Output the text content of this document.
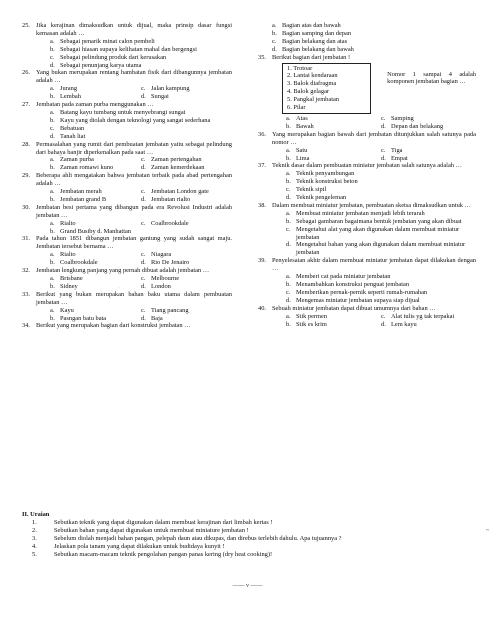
25. Jika kerajinan dimaksudkan untuk dijual, maka prinsip dasar fungsi kemasan adalah …
a. Sebagai penarik minat calon pembeli
b. Sebagai hiasan supaya kelihatan mahal dan bergengsi
c. Sebagai pelindung produk dari kerusakan
d. Sebagai penunjang karya utama
26. Yang bukan merupakan rentang hambatan fisik dari dibangunnya jembatan adalah …
a. Jurang	c. Jalan kampung
b. Lembah	d. Sungai
27. Jembatan pada zaman purba menggunakan …
a. Batang kayu tumbang untuk menyebrangi sungai
b. Kayu yang diolah dengan teknologi yang sangat sederhana
c. Bebatuan
d. Tanah liat
28. Permasalahan yang rumit dari pembuatan jembatan yaitu sebagai pelindung dari bahaya banjir diperkenalkan pada saat …
a. Zaman purba	c. Zaman pertengahan
b. Zaman romawi kuno	d. Zaman kemerdekaan
29. Beberapa ahli mengatakan bahwa jembatan terbaik pada abad pertengahan adalah …
a. Jembatan merah	c. Jembatan London gate
b. Jembatan grand B	d. Jembatan rialto
30. Jembatan besi pertama yang dibangun pada era Revolusi Industri adalah jembatan …
a. Rialto	c. Coalbrookdale
b. Grand Busiby d. Manhattan
31. Pada tahun 1851 dibangun jembatan gantung yang sudah sangat maju. Jembatan tersebut bernama …
a. Rialto	c. Niagara
b. Coalbrookdale	d. Rio De Jenairo
32. Jembatan lengkung panjang yang pernah dibuat adalah jembatan …
a. Brisbane	c. Melbourne
b. Sidney	d. London
33. Berikut yang bukan merupakan bahan baku utama dalam pembuatan jembatan …
a. Kayu	c. Tiang pancang
b. Pasngan batu bata	d. Baja
34. Berikut yang merupakan bagian dari konstruksi jembatan …
a. Bagian atas dan bawah
b. Bagian samping dan depan
c. Bagian belakang dan atas
d. Bagian belakang dan bawah
35. Berikut bagian dari jembatan !
1. Trotoar
2. Lantai kendaraan
3. Balok diafragma
4. Balok gelagar
5. Pangkal jembatan
6. Pilar
Nomor 1 sampai 4 adalah komponen jembatan bagian …
a. Atas	c. Samping
b. Bawah	d. Depan dan belakang
36. Yang merupakan bagian bawah dari jembatan ditunjukkan salah satunya pada nomor …
a. Satu	c. Tiga
b. Lima	d. Empat
37. Teknik dasar dalam pembuatan miniatur jembatan salah satunya adalah …
a. Teknik penyambungan
b. Teknik konstruksi beton
c. Teknik sipil
d. Teknik pengeleman
38. Dalam membuat miniatur jembatan, pembuatan sketsa dimaksudkan untuk …
a. Membuat miniatur jembatan menjadi lebih terarah
b. Sebagai gambaran bagaimana bentuk jembatan yang akan dibuat
c. Mengetahui alat yang akan digunakan dalam membuat miniatur jembatan
d. Mengetahui bahan yang akan digunakan dalam membuat miniatur jembatan
39. Penyelesaian akhir dalam membuat miniatur jembatan dapat dilakukan dengan …
a. Memberi cat pada miniatur jembatan
b. Menambahkan konstruksi penguat jembatan
c. Memberikan pernak-pernik seperti rumah-rumahan
d. Mengemas miniatur jembatan supaya siap dijual
40. Sebuah miniatur jembatan dapat dibuat umumnya dari bahan …
a. Stik permen	c. Alat tulis yg tak terpakai
b. Stik es krim	d. Lem kayu
II. Uraian
1.	Sebutkan teknik yang dapat digunakan dalam membuat kerajinan dari limbah kertas !
2.	Sebutkan bahan yang dapat digunakan untuk membuat miniature jembatan !
3.	Sebelum diolah menjadi bahan pangan, pelepah daun atau dikupas, dan direbus terlebih dahulu. Apa tujuannya ?
4.	Jelaskan pola tanam yang dapat dilakukan untuk budidaya kunyit !
5.	Sebutkan macam-macam teknik pengolahan pangan panas kering (dry heat cooking)!
—— v ——
~
·
